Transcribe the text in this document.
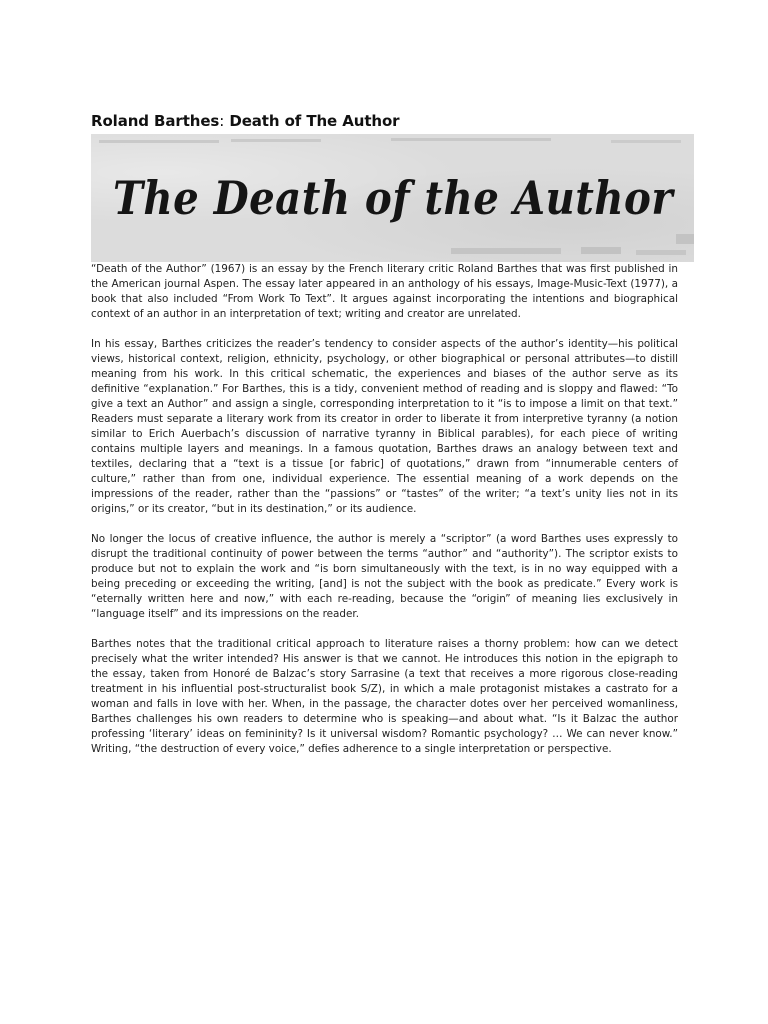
Roland Barthes: Death of The Author
The Death of the Author

“Death of the Author” (1967) is an essay by the French literary critic Roland Barthes that was first published in the American journal Aspen. The essay later appeared in an anthology of his essays, Image-Music-Text (1977), a book that also included “From Work To Text”. It argues against incorporating the intentions and biographical context of an author in an interpretation of text; writing and creator are unrelated.

In his essay, Barthes criticizes the reader’s tendency to consider aspects of the author’s identity—his political views, historical context, religion, ethnicity, psychology, or other biographical or personal attributes—to distill meaning from his work. In this critical schematic, the experiences and biases of the author serve as its definitive “explanation.” For Barthes, this is a tidy, convenient method of reading and is sloppy and flawed: “To give a text an Author” and assign a single, corresponding interpretation to it “is to impose a limit on that text.” Readers must separate a literary work from its creator in order to liberate it from interpretive tyranny (a notion similar to Erich Auerbach’s discussion of narrative tyranny in Biblical parables), for each piece of writing contains multiple layers and meanings. In a famous quotation, Barthes draws an analogy between text and textiles, declaring that a “text is a tissue [or fabric] of quotations,” drawn from “innumerable centers of culture,” rather than from one, individual experience. The essential meaning of a work depends on the impressions of the reader, rather than the “passions” or “tastes” of the writer; “a text’s unity lies not in its origins,” or its creator, “but in its destination,” or its audience.

No longer the locus of creative influence, the author is merely a “scriptor” (a word Barthes uses expressly to disrupt the traditional continuity of power between the terms “author” and “authority”). The scriptor exists to produce but not to explain the work and “is born simultaneously with the text, is in no way equipped with a being preceding or exceeding the writing, [and] is not the subject with the book as predicate.” Every work is “eternally written here and now,” with each re-reading, because the “origin” of meaning lies exclusively in “language itself” and its impressions on the reader.

Barthes notes that the traditional critical approach to literature raises a thorny problem: how can we detect precisely what the writer intended? His answer is that we cannot. He introduces this notion in the epigraph to the essay, taken from Honoré de Balzac’s story Sarrasine (a text that receives a more rigorous close-reading treatment in his influential post-structuralist book S/Z), in which a male protagonist mistakes a castrato for a woman and falls in love with her. When, in the passage, the character dotes over her perceived womanliness, Barthes challenges his own readers to determine who is speaking—and about what. “Is it Balzac the author professing ‘literary’ ideas on femininity? Is it universal wisdom? Romantic psychology? … We can never know.” Writing, “the destruction of every voice,” defies adherence to a single interpretation or perspective.
